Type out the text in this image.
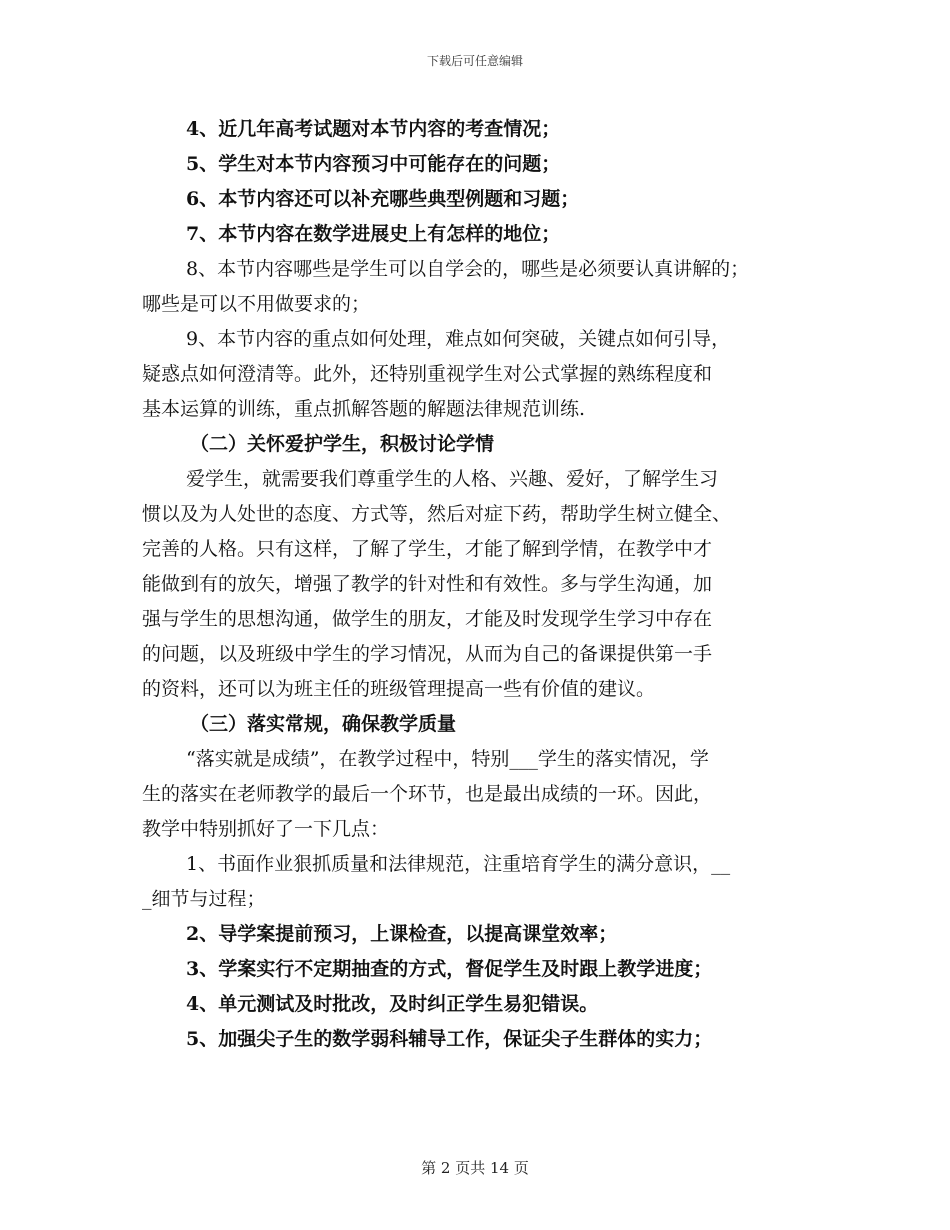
下载后可任意编辑
4、近几年高考试题对本节内容的考查情况；
5、学生对本节内容预习中可能存在的问题；
6、本节内容还可以补充哪些典型例题和习题；
7、本节内容在数学进展史上有怎样的地位；
8、本节内容哪些是学生可以自学会的，哪些是必须要认真讲解的；
哪些是可以不用做要求的；
9、本节内容的重点如何处理，难点如何突破，关键点如何引导，
疑惑点如何澄清等。此外，还特别重视学生对公式掌握的熟练程度和
基本运算的训练，重点抓解答题的解题法律规范训练.
（二）关怀爱护学生，积极讨论学情
爱学生，就需要我们尊重学生的人格、兴趣、爱好，了解学生习
惯以及为人处世的态度、方式等，然后对症下药，帮助学生树立健全、
完善的人格。只有这样，了解了学生，才能了解到学情，在教学中才
能做到有的放矢，增强了教学的针对性和有效性。多与学生沟通，加
强与学生的思想沟通，做学生的朋友，才能及时发现学生学习中存在
的问题，以及班级中学生的学习情况，从而为自己的备课提供第一手
的资料，还可以为班主任的班级管理提高一些有价值的建议。
（三）落实常规，确保教学质量
“落实就是成绩”，在教学过程中，特别___学生的落实情况，学
生的落实在老师教学的最后一个环节，也是最出成绩的一环。因此，
教学中特别抓好了一下几点：
1、书面作业狠抓质量和法律规范，注重培育学生的满分意识，__
_细节与过程；
2、导学案提前预习，上课检查，以提高课堂效率；
3、学案实行不定期抽查的方式，督促学生及时跟上教学进度；
4、单元测试及时批改，及时纠正学生易犯错误。
5、加强尖子生的数学弱科辅导工作，保证尖子生群体的实力；
第 2 页共 14 页
